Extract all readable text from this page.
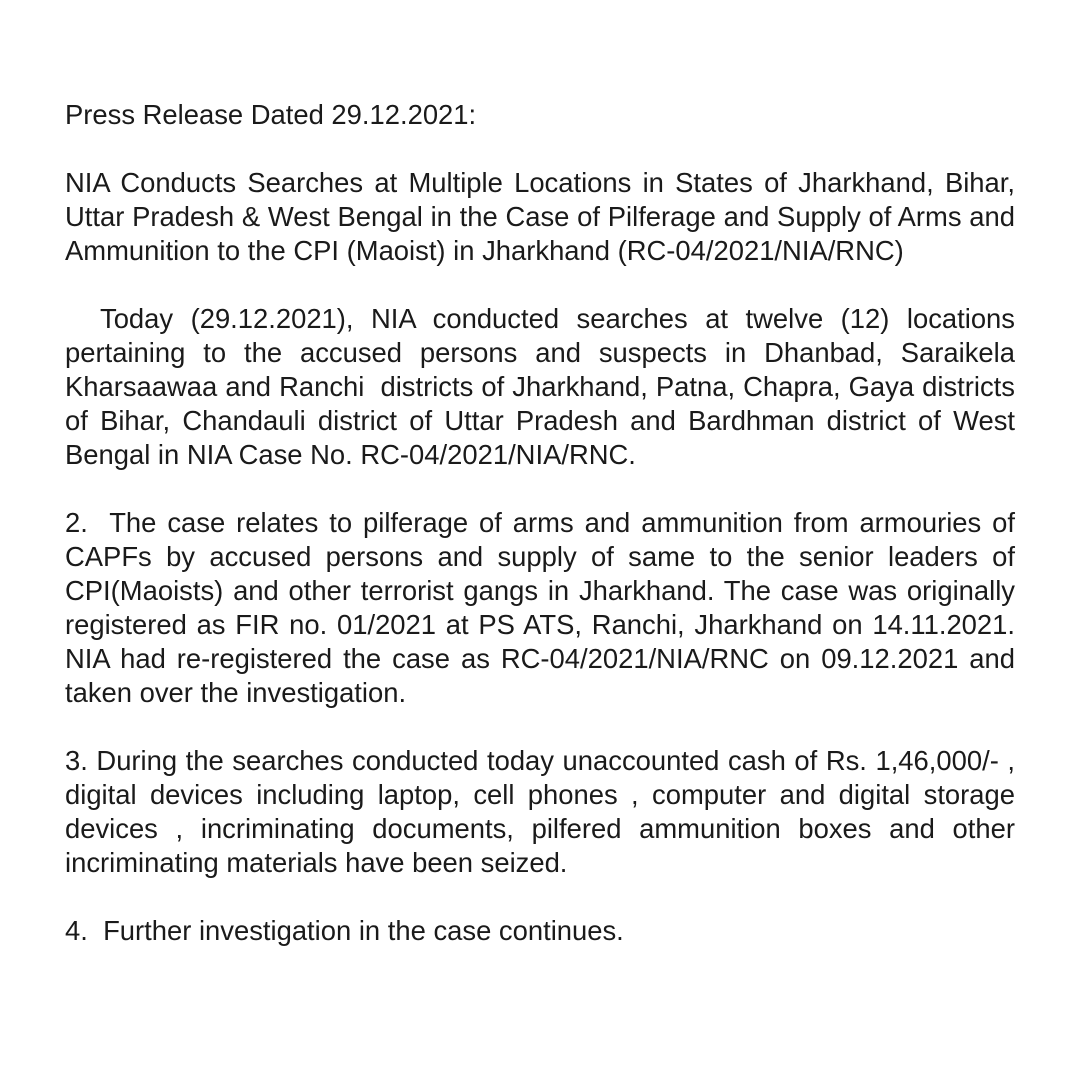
Press Release Dated 29.12.2021:
NIA Conducts Searches at Multiple Locations in States of Jharkhand, Bihar, Uttar Pradesh & West Bengal in the Case of Pilferage and Supply of Arms and Ammunition to the CPI (Maoist) in Jharkhand (RC-04/2021/NIA/RNC)
Today (29.12.2021), NIA conducted searches at twelve (12) locations pertaining to the accused persons and suspects in Dhanbad, Saraikela Kharsaawaa and Ranchi  districts of Jharkhand, Patna, Chapra, Gaya districts of Bihar, Chandauli district of Uttar Pradesh and Bardhman district of West Bengal in NIA Case No. RC-04/2021/NIA/RNC.
2.  The case relates to pilferage of arms and ammunition from armouries of CAPFs by accused persons and supply of same to the senior leaders of CPI(Maoists) and other terrorist gangs in Jharkhand. The case was originally registered as FIR no. 01/2021 at PS ATS, Ranchi, Jharkhand on 14.11.2021. NIA had re-registered the case as RC-04/2021/NIA/RNC on 09.12.2021 and taken over the investigation.
3. During the searches conducted today unaccounted cash of Rs. 1,46,000/- , digital devices including laptop, cell phones , computer and digital storage devices , incriminating documents, pilfered ammunition boxes and other incriminating materials have been seized.
4.  Further investigation in the case continues.
